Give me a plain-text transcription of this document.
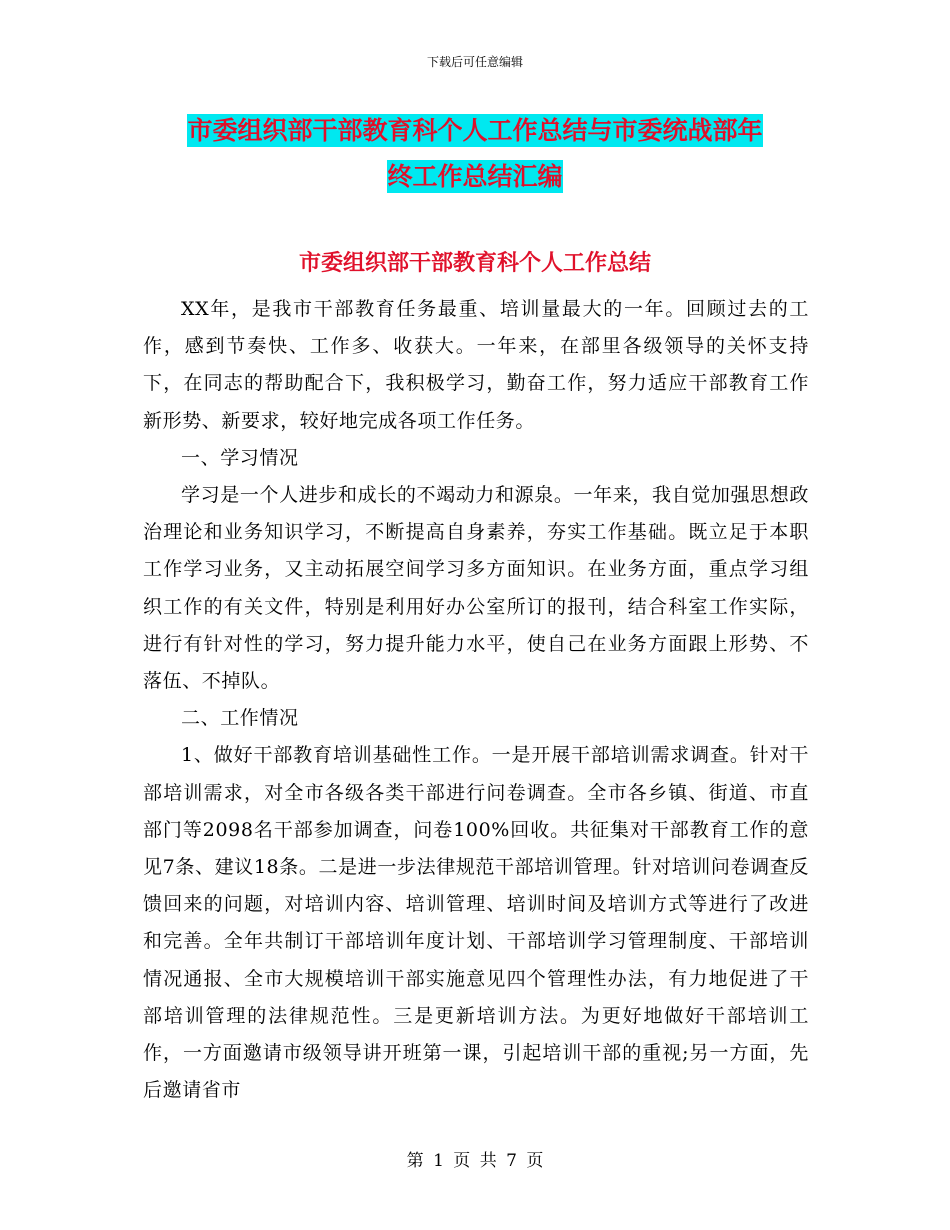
下载后可任意编辑
市委组织部干部教育科个人工作总结与市委统战部年
终工作总结汇编
市委组织部干部教育科个人工作总结

XX年，是我市干部教育任务最重、培训量最大的一年。回顾过去的工作，感到节奏快、工作多、收获大。一年来，在部里各级领导的关怀支持下，在同志的帮助配合下，我积极学习，勤奋工作，努力适应干部教育工作新形势、新要求，较好地完成各项工作任务。

一、学习情况

学习是一个人进步和成长的不竭动力和源泉。一年来，我自觉加强思想政治理论和业务知识学习，不断提高自身素养，夯实工作基础。既立足于本职工作学习业务，又主动拓展空间学习多方面知识。在业务方面，重点学习组织工作的有关文件，特别是利用好办公室所订的报刊，结合科室工作实际，进行有针对性的学习，努力提升能力水平，使自己在业务方面跟上形势、不落伍、不掉队。

二、工作情况

1、做好干部教育培训基础性工作。一是开展干部培训需求调查。针对干部培训需求，对全市各级各类干部进行问卷调查。全市各乡镇、街道、市直部门等2098名干部参加调查，问卷100%回收。共征集对干部教育工作的意见7条、建议18条。二是进一步法律规范干部培训管理。针对培训问卷调查反馈回来的问题，对培训内容、培训管理、培训时间及培训方式等进行了改进和完善。全年共制订干部培训年度计划、干部培训学习管理制度、干部培训情况通报、全市大规模培训干部实施意见四个管理性办法，有力地促进了干部培训管理的法律规范性。三是更新培训方法。为更好地做好干部培训工作，一方面邀请市级领导讲开班第一课，引起培训干部的重视;另一方面，先后邀请省市

第 1 页 共 7 页
